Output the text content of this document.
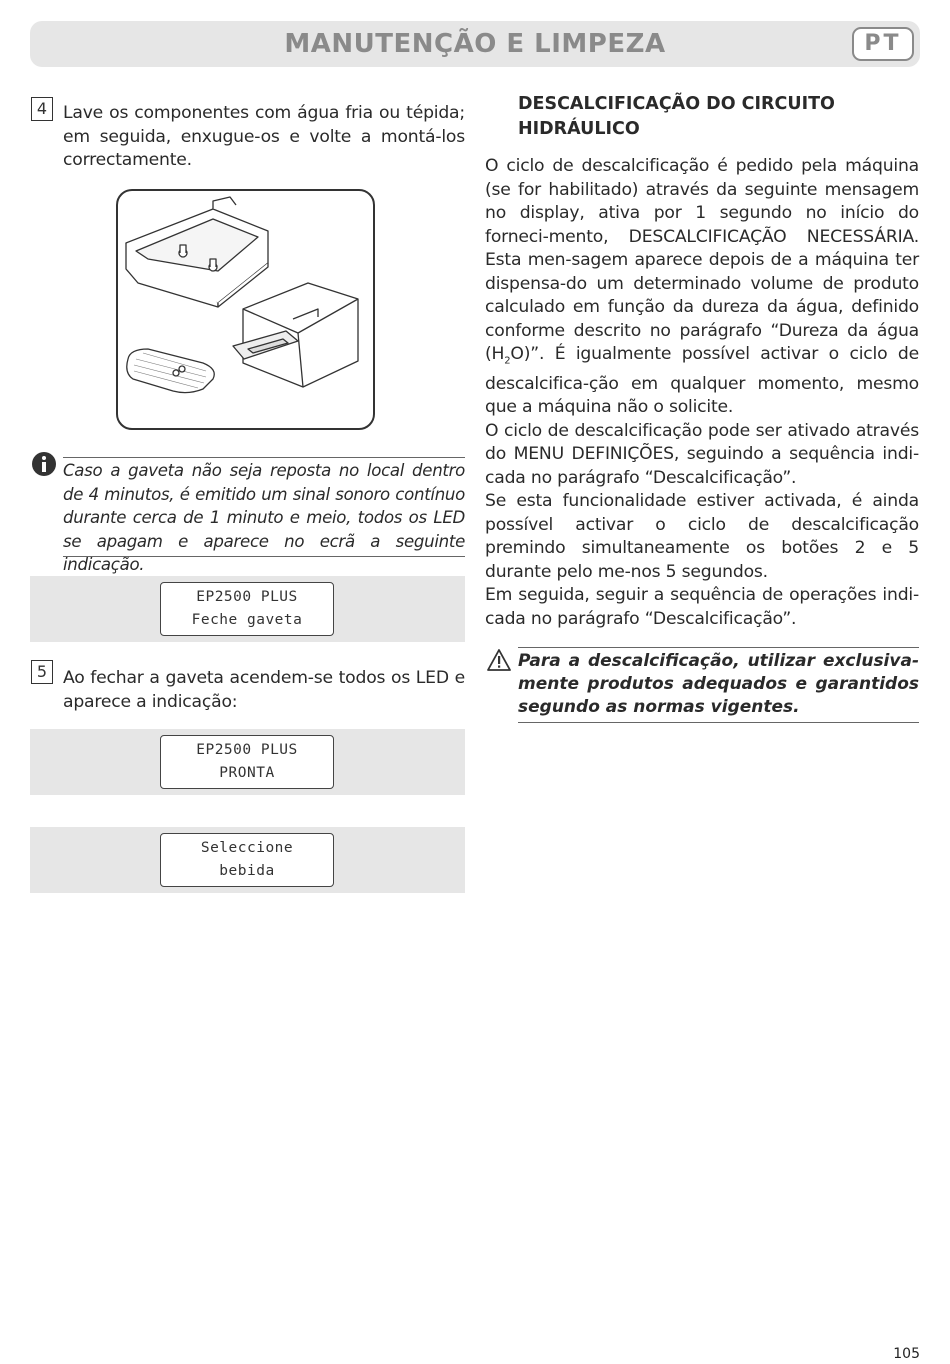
MANUTENÇÃO E LIMPEZA	PT
4 Lave os componentes com água fria ou tépida; em seguida, enxugue-os e volte a montá-los correctamente.
Caso a gaveta não seja reposta no local dentro de 4 minutos, é emitido um sinal sonoro contínuo durante cerca de 1 minuto e meio, todos os LED se apagam e aparece no ecrã a seguinte indicação.
EP2500 PLUS
Feche gaveta
5 Ao fechar a gaveta acendem-se todos os LED e aparece a indicação:
EP2500 PLUS
PRONTA
Seleccione
bebida
DESCALCIFICAÇÃO DO CIRCUITO HIDRÁULICO
O ciclo de descalcificação é pedido pela máquina (se for habilitado) através da seguinte mensagem no display, ativa por 1 segundo no início do forneci-mento, DESCALCIFICAÇÃO NECESSÁRIA. Esta men-sagem aparece depois de a máquina ter dispensa-do um determinado volume de produto calculado em função da dureza da água, definido conforme descrito no parágrafo “Dureza da água $(H_2O)$”. É igualmente possível activar o ciclo de descalcifica-ção em qualquer momento, mesmo que a máquina não o solicite.
O ciclo de descalcificação pode ser ativado através do MENU DEFINIÇÕES, seguindo a sequência indi-cada no parágrafo “Descalcificação”.
Se esta funcionalidade estiver activada, é ainda possível activar o ciclo de descalcificação premindo simultaneamente os botões 2 e 5 durante pelo me-nos 5 segundos.
Em seguida, seguir a sequência de operações indi-cada no parágrafo “Descalcificação”.
Para a descalcificação, utilizar exclusiva-mente produtos adequados e garantidos segundo as normas vigentes.
105
